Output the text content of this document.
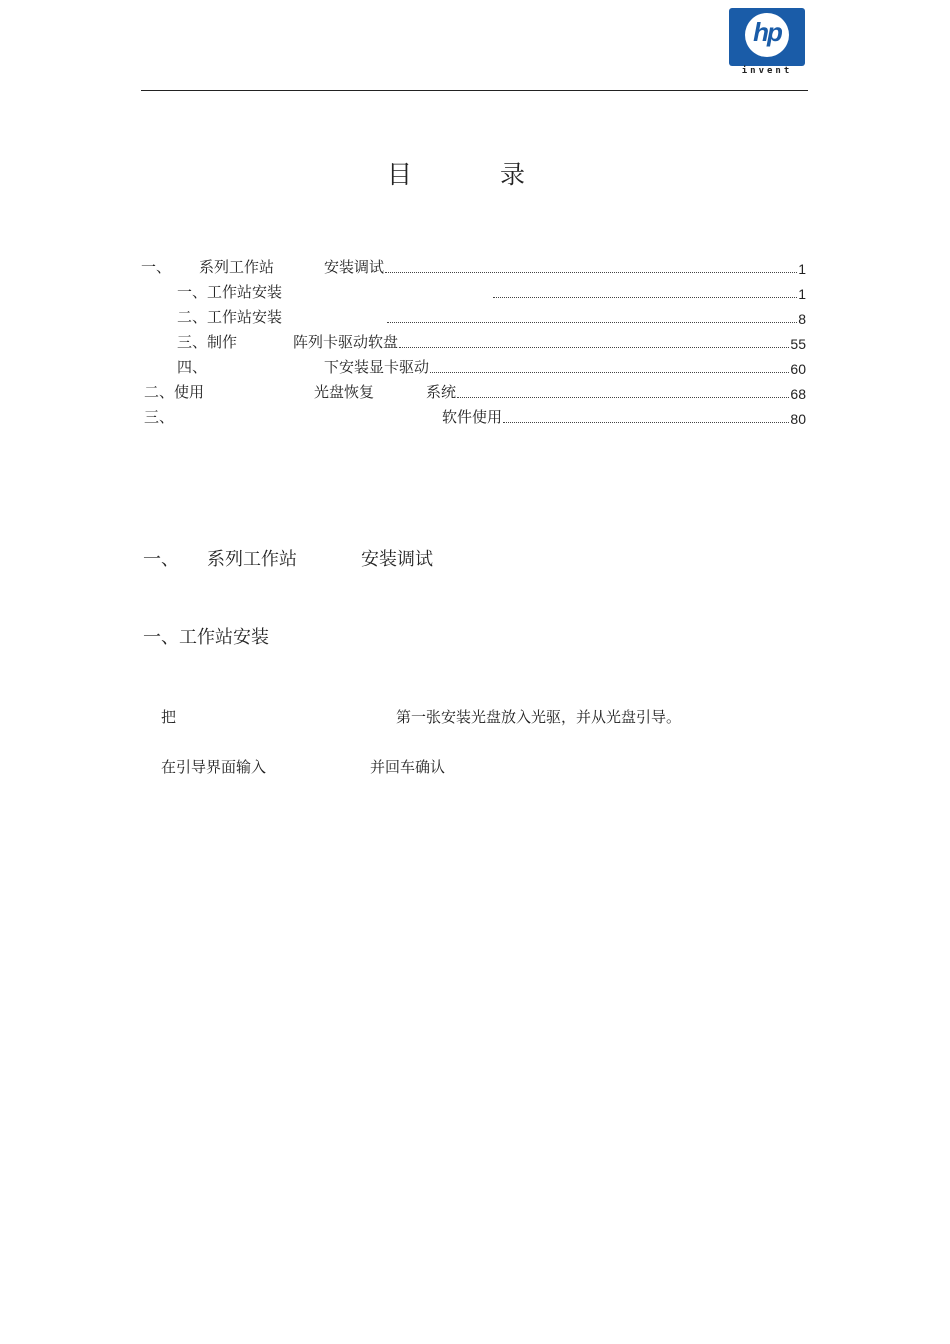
hp
invent
目	录
一、 系列工作站	安装调试	1
一、工作站安装	1
二、工作站安装	8
三、制作	阵列卡驱动软盘	55
四、	下安装显卡驱动	60
二、使用	光盘恢复	系统	68
三、	软件使用	80
一、 系列工作站	安装调试
一、工作站安装
把	第一张安装光盘放入光驱，并从光盘引导。
在引导界面输入	并回车确认
